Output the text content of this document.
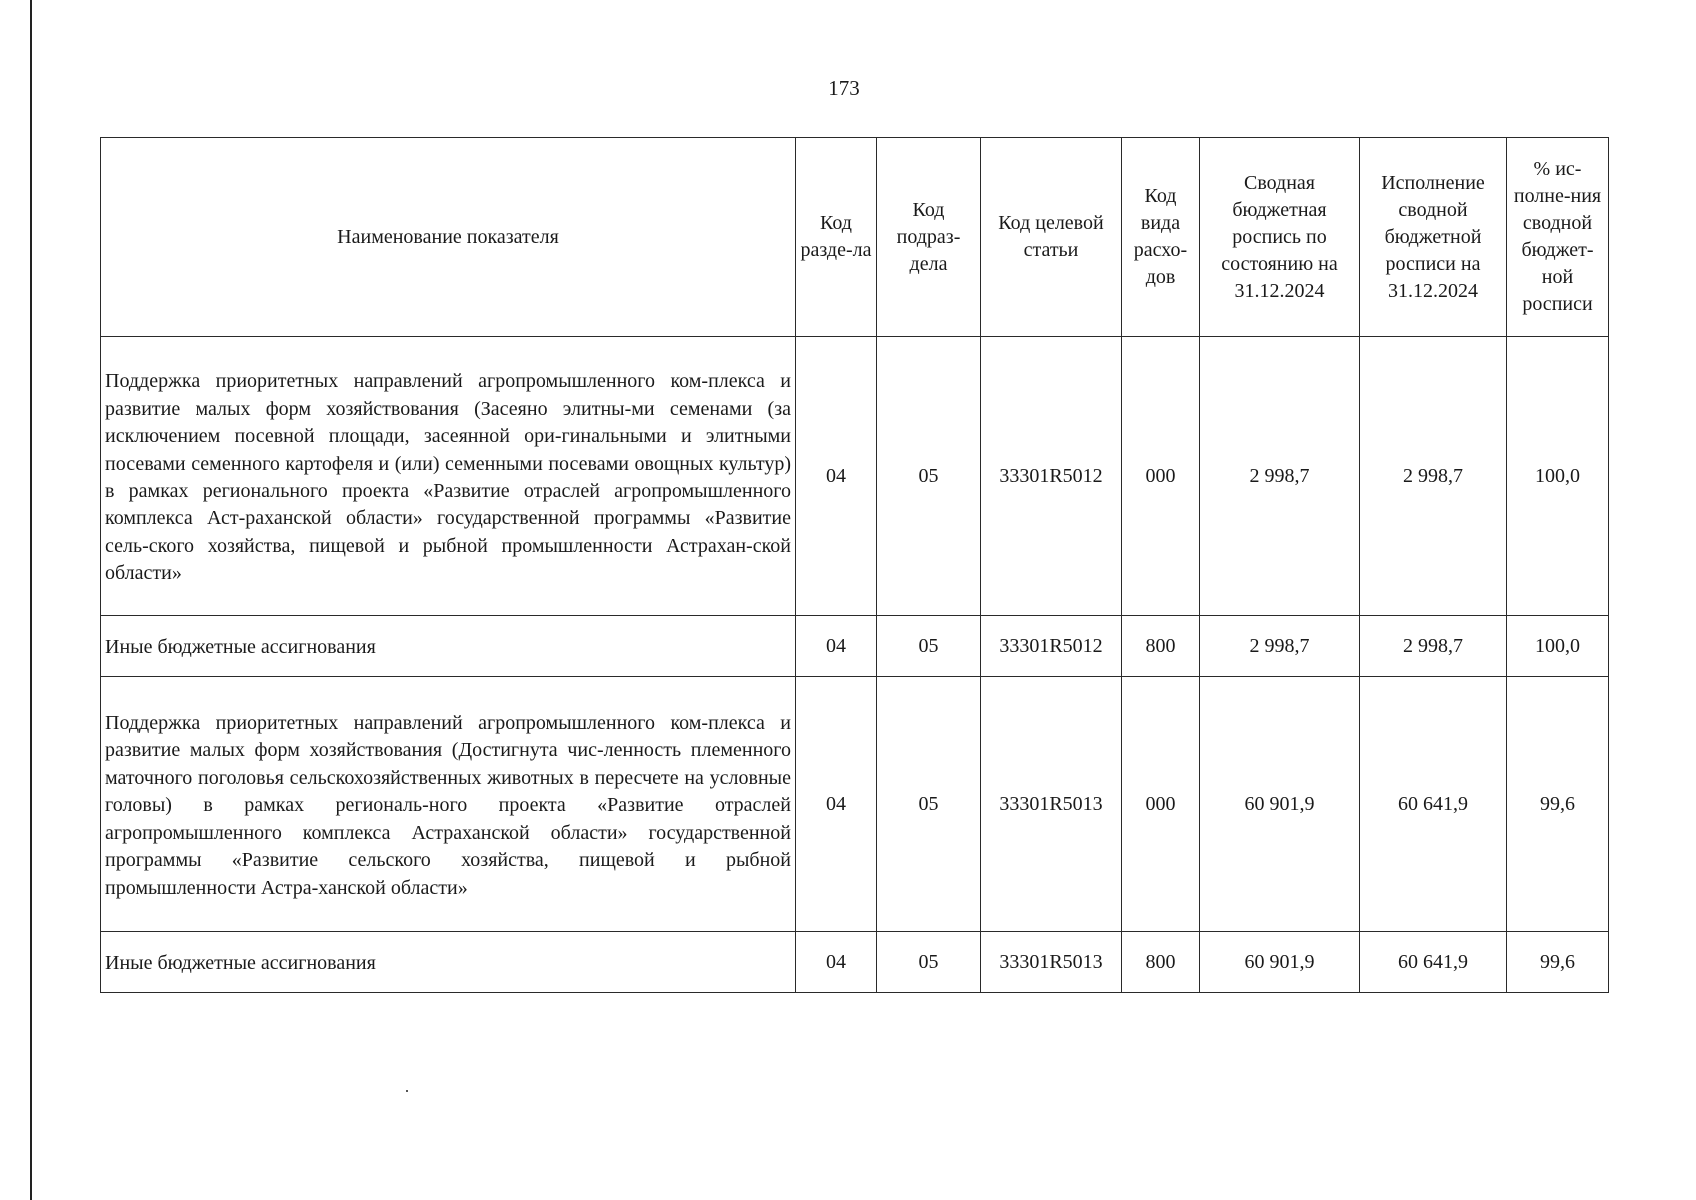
173
Наименование показателя	Код разде-ла	Код подраз-дела	Код целевой статьи	Код вида расхо-дов	Сводная бюджетная роспись по состоянию на 31.12.2024	Исполнение сводной бюджетной росписи на 31.12.2024	% ис-полне-ния сводной бюджет-ной росписи
Поддержка приоритетных направлений агропромышленного ком-плекса и развитие малых форм хозяйствования (Засеяно элитны-ми семенами (за исключением посевной площади, засеянной ори-гинальными и элитными посевами семенного картофеля и (или) семенными посевами овощных культур) в рамках регионального проекта «Развитие отраслей агропромышленного комплекса Аст-раханской области» государственной программы «Развитие сель-ского хозяйства, пищевой и рыбной промышленности Астрахан-ской области»	04	05	33301R5012	000	2 998,7	2 998,7	100,0
Иные бюджетные ассигнования	04	05	33301R5012	800	2 998,7	2 998,7	100,0
Поддержка приоритетных направлений агропромышленного ком-плекса и развитие малых форм хозяйствования (Достигнута чис-ленность племенного маточного поголовья сельскохозяйственных животных в пересчете на условные головы) в рамках региональ-ного проекта «Развитие отраслей агропромышленного комплекса Астраханской области» государственной программы «Развитие сельского хозяйства, пищевой и рыбной промышленности Астра-ханской области»	04	05	33301R5013	000	60 901,9	60 641,9	99,6
Иные бюджетные ассигнования	04	05	33301R5013	800	60 901,9	60 641,9	99,6
